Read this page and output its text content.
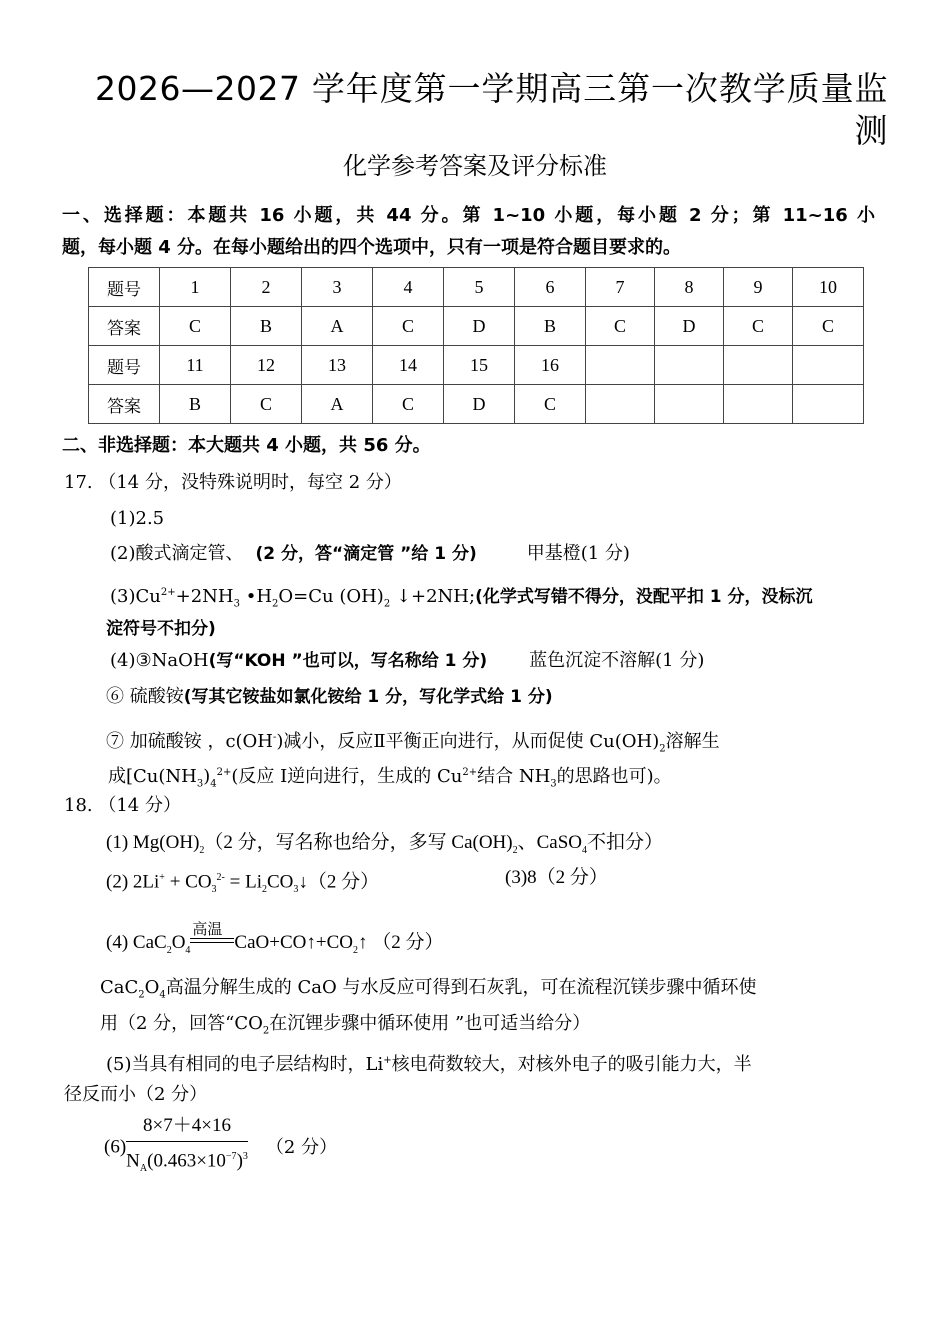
2026—2027 学年度第一学期高三第一次教学质量监测
化学参考答案及评分标准
一、选择题：本题共 16 小题，共 44 分。第 1~10 小题，每小题 2 分；第 11~16 小
题，每小题 4 分。在每小题给出的四个选项中，只有一项是符合题目要求的。
题号	1	2	3	4	5	6	7	8	9	10
答案	C	B	A	C	D	B	C	D	C	C
题号	11	12	13	14	15	16				
答案	B	C	A	C	D	C				
二、非选择题：本大题共 4 小题，共 56 分。
17. （14 分，没特殊说明时，每空 2 分）
(1)2.5
(2)酸式滴定管、 (2 分，答“滴定管 ”给 1 分)	甲基橙(1 分)
$(3)Cu^{2+}+2NH_3$ $•H_2O=Cu$ $(OH)_2$ ↓+2NH;(化学式写错不得分，没配平扣 1 分，没标沉
淀符号不扣分)
(4)③NaOH(写“KOH ”也可以，写名称给 1 分) 蓝色沉淀不溶解(1 分)
⑥ 硫酸铵(写其它铵盐如氯化铵给 1 分，写化学式给 1 分)
⑦ 加硫酸铵 ，c(OH-)减小，反应Ⅱ平衡正向进行，从而促使 $Cu(OH)_2$溶解生
成[$Cu(NH_3)_4^{2+}$(反应 Ⅰ逆向进行，生成的 $Cu^{2+}$结合 $NH_3$的思路也可)。
18. （14 分）
(1) $Mg(OH)_2(2$ 分，写名称也给分，多写 $Ca(OH)_2$、CaSO$_4$不扣分）
(2) $2Li^+ + CO_3^{2-}$ = $Li_2CO_3↓(2$ 分）	(3)8（2 分）
(4) $CaC_2O_4$
高温
$CaO+CO↑+CO_2↑$ （2 分）
$CaC_2O_4$高温分解生成的 CaO 与水反应可得到石灰乳，可在流程沉镁步骤中循环使
用（2 分，回答“$CO_2$在沉锂步骤中循环使用 ”也可适当给分）
(5)当具有相同的电子层结构时，Li+核电荷数较大，对核外电子的吸引能力大，半
径反而小（2 分）
$(6) \frac{8\times 7+4\times 16}{N_A(0.463\times 10^{-7})^3} (2$ 分）
